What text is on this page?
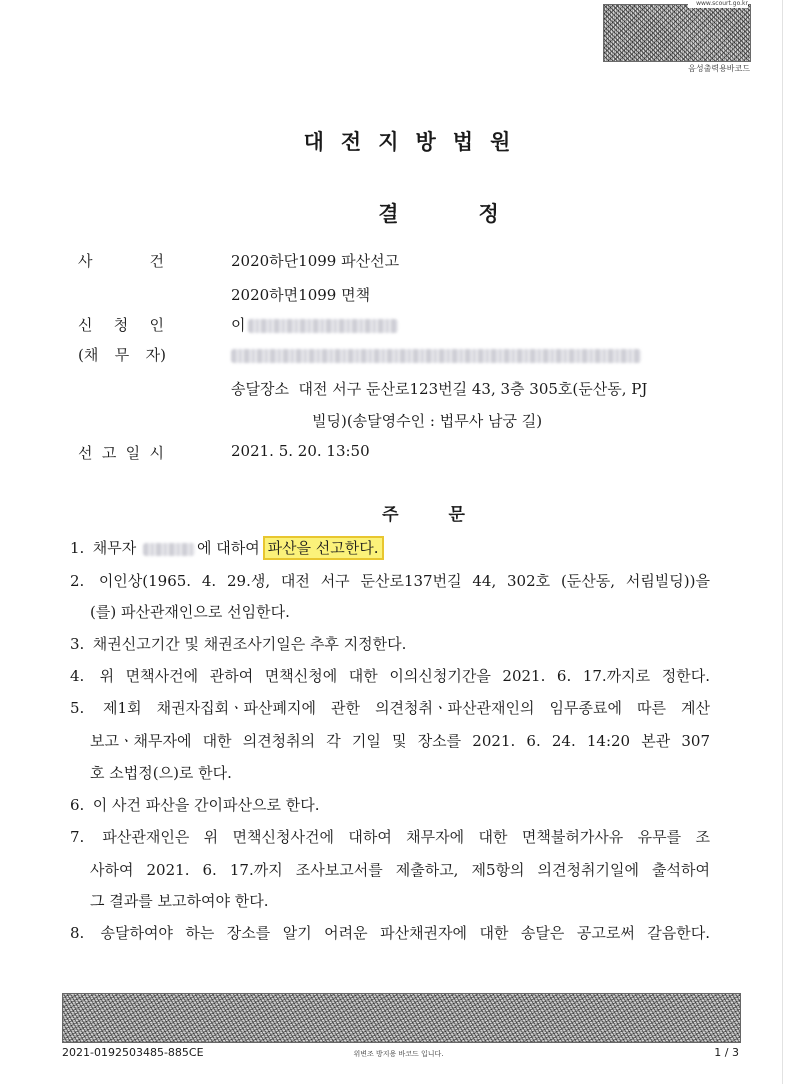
www.scourt.go.kr
음성출력용바코드
대전지방법원
결정
사	건	2020하단1099 파산선고
2020하면1099 면책
신 청 인	이
(채 무 자)
송달장소 대전 서구 둔산로123번길 43, 3층 305호(둔산동, PJ
빌딩)(송달영수인 : 법무사 남궁 길)
선 고 일 시	2021. 5. 20. 13:50
주문
1. 채무자	에 대하여 파산을 선고한다.
2. 이인상(1965. 4. 29.생, 대전 서구 둔산로137번길 44, 302호 (둔산동, 서림빌딩))을
(를) 파산관재인으로 선임한다.
3. 채권신고기간 및 채권조사기일은 추후 지정한다.
4. 위 면책사건에 관하여 면책신청에 대한 이의신청기간을 2021. 6. 17.까지로 정한다.
5. 제1회 채권자집회ㆍ파산폐지에 관한 의견청취ㆍ파산관재인의 임무종료에 따른 계산
보고ㆍ채무자에 대한 의견청취의 각 기일 및 장소를 2021. 6. 24. 14:20 본관 307
호 소법정(으)로 한다.
6. 이 사건 파산을 간이파산으로 한다.
7. 파산관재인은 위 면책신청사건에 대하여 채무자에 대한 면책불허가사유 유무를 조
사하여 2021. 6. 17.까지 조사보고서를 제출하고, 제5항의 의견청취기일에 출석하여
그 결과를 보고하여야 한다.
8. 송달하여야 하는 장소를 알기 어려운 파산채권자에 대한 송달은 공고로써 갈음한다.
2021-0192503485-885CE	위변조 방지용 바코드 입니다.	1 / 3
